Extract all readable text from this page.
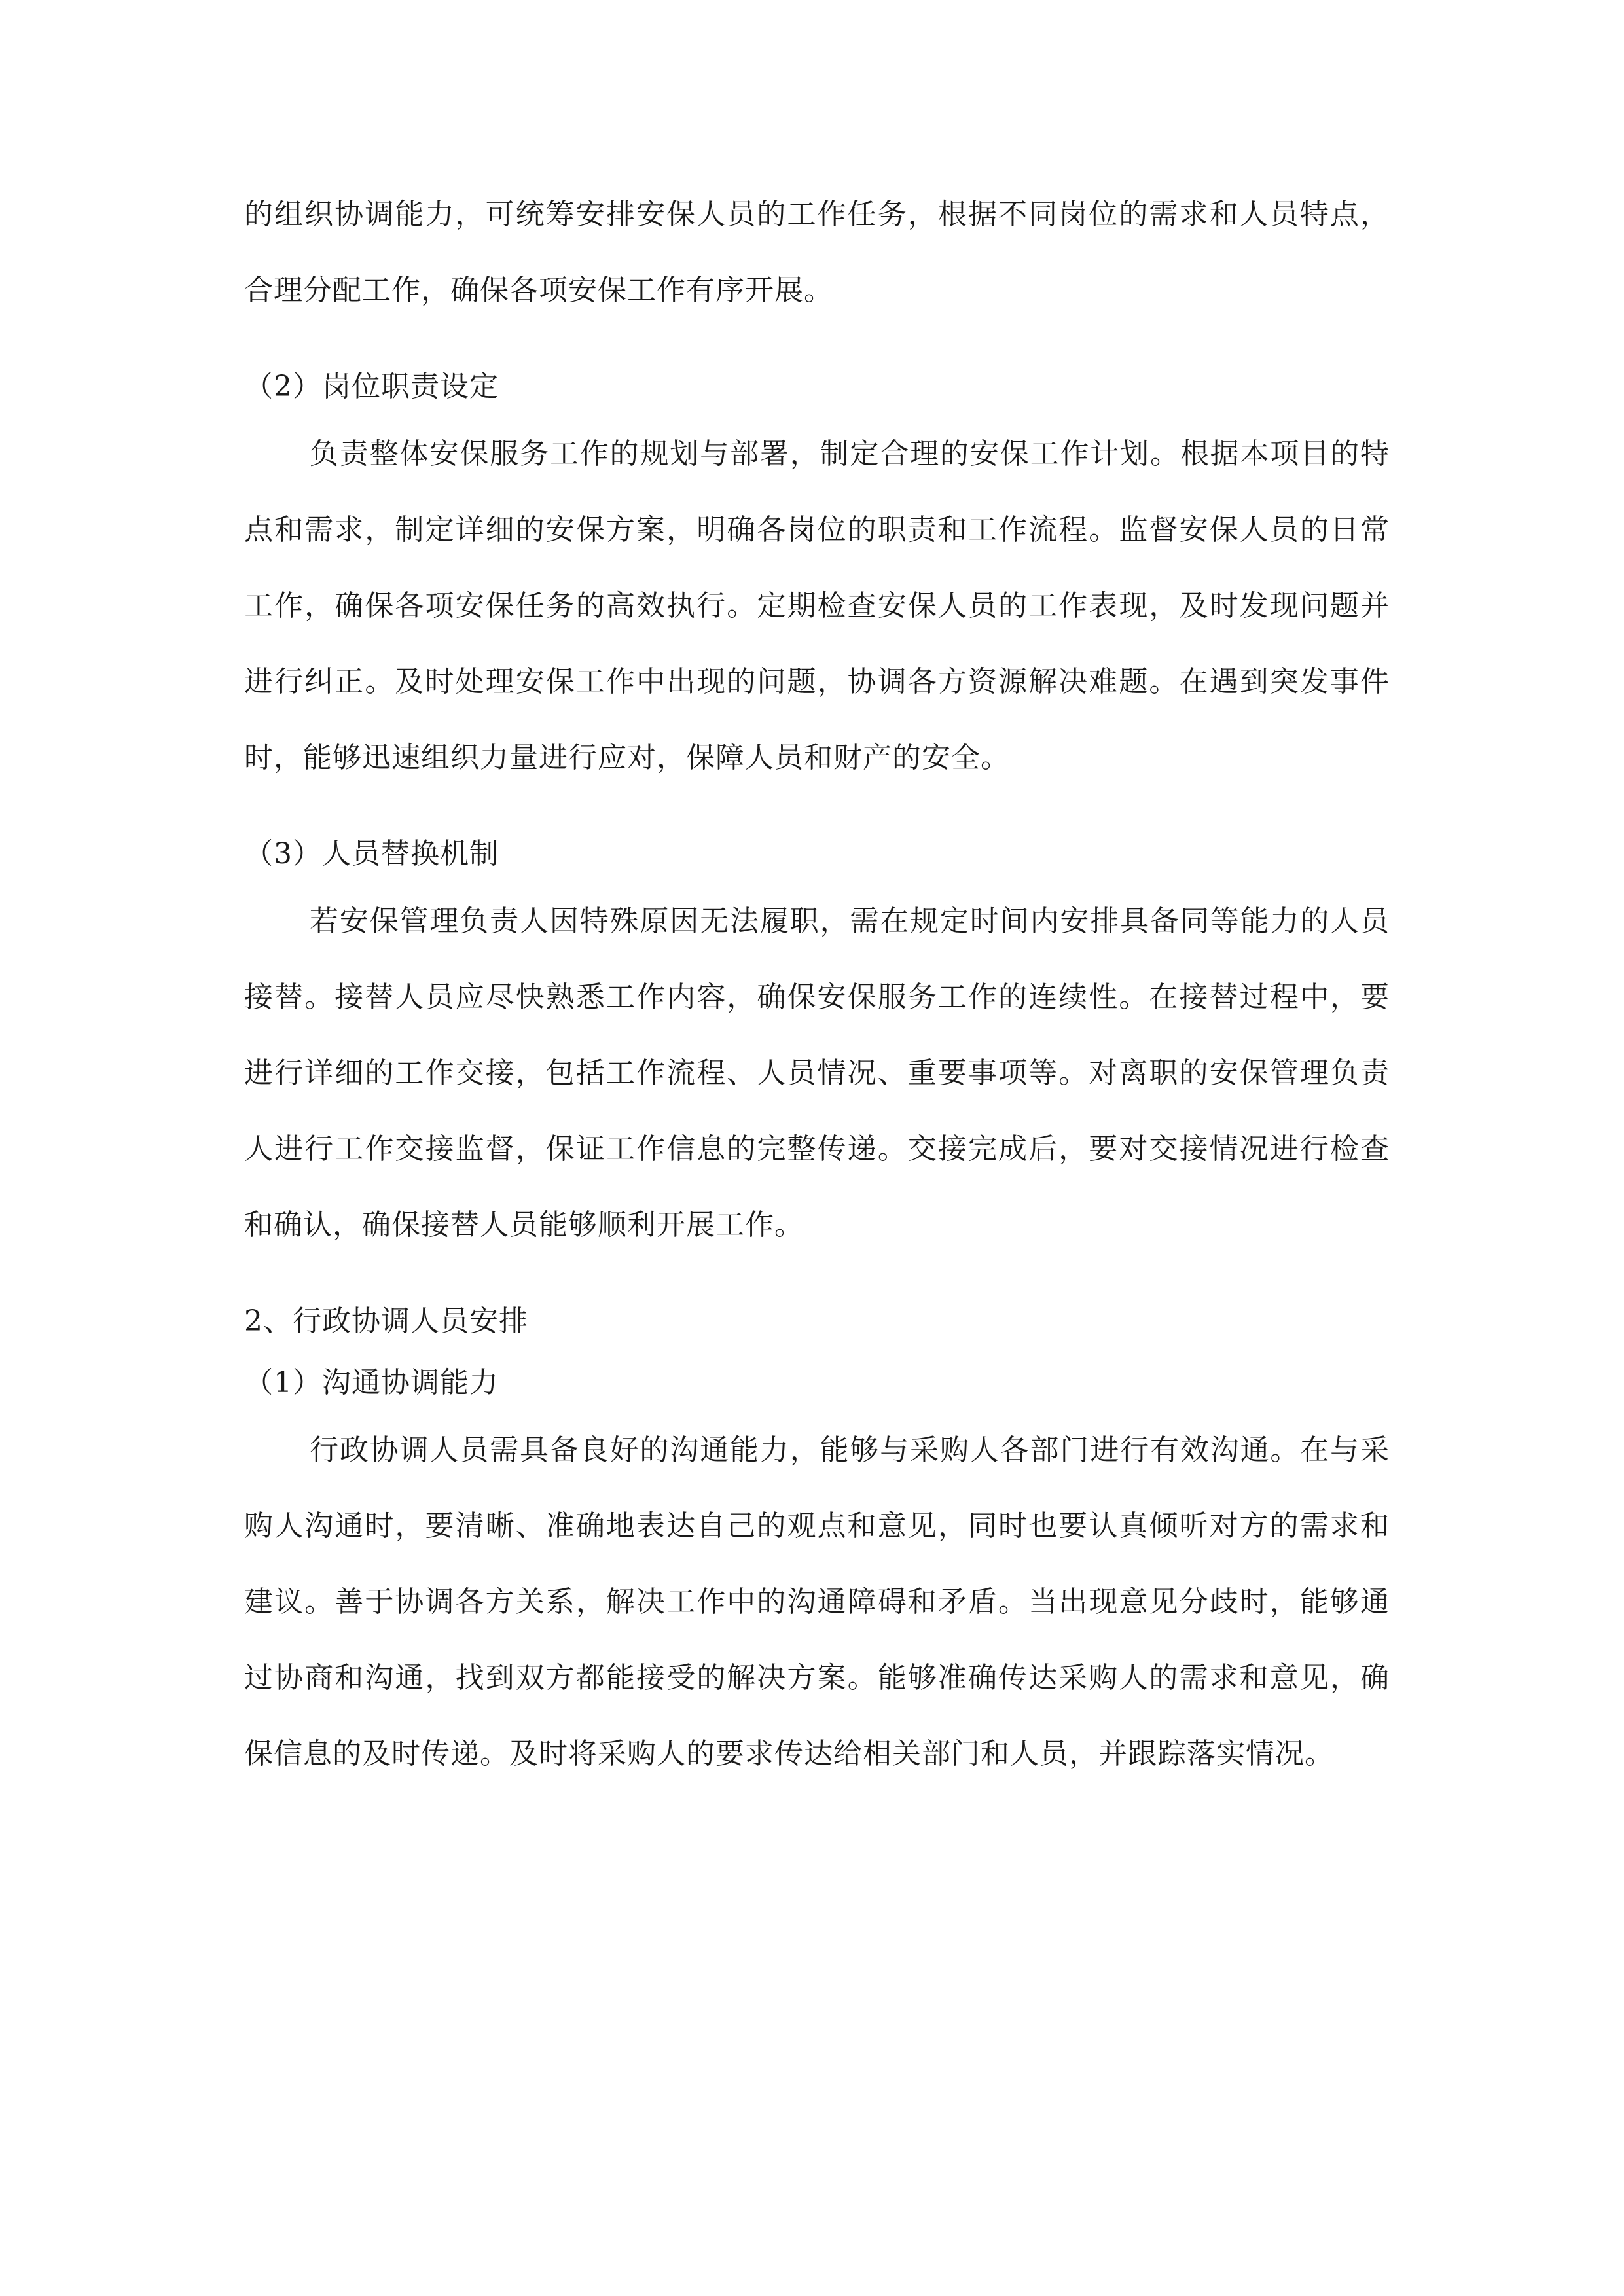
的组织协调能力，可统筹安排安保人员的工作任务，根据不同岗位的需求和人员特点，合理分配工作，确保各项安保工作有序开展。

（2）岗位职责设定

负责整体安保服务工作的规划与部署，制定合理的安保工作计划。根据本项目的特点和需求，制定详细的安保方案，明确各岗位的职责和工作流程。监督安保人员的日常工作，确保各项安保任务的高效执行。定期检查安保人员的工作表现，及时发现问题并进行纠正。及时处理安保工作中出现的问题，协调各方资源解决难题。在遇到突发事件时，能够迅速组织力量进行应对，保障人员和财产的安全。

（3）人员替换机制

若安保管理负责人因特殊原因无法履职，需在规定时间内安排具备同等能力的人员接替。接替人员应尽快熟悉工作内容，确保安保服务工作的连续性。在接替过程中，要进行详细的工作交接，包括工作流程、人员情况、重要事项等。对离职的安保管理负责人进行工作交接监督，保证工作信息的完整传递。交接完成后，要对交接情况进行检查和确认，确保接替人员能够顺利开展工作。

2、行政协调人员安排

（1）沟通协调能力

行政协调人员需具备良好的沟通能力，能够与采购人各部门进行有效沟通。在与采购人沟通时，要清晰、准确地表达自己的观点和意见，同时也要认真倾听对方的需求和建议。善于协调各方关系，解决工作中的沟通障碍和矛盾。当出现意见分歧时，能够通过协商和沟通，找到双方都能接受的解决方案。能够准确传达采购人的需求和意见，确保信息的及时传递。及时将采购人的要求传达给相关部门和人员，并跟踪落实情况。
